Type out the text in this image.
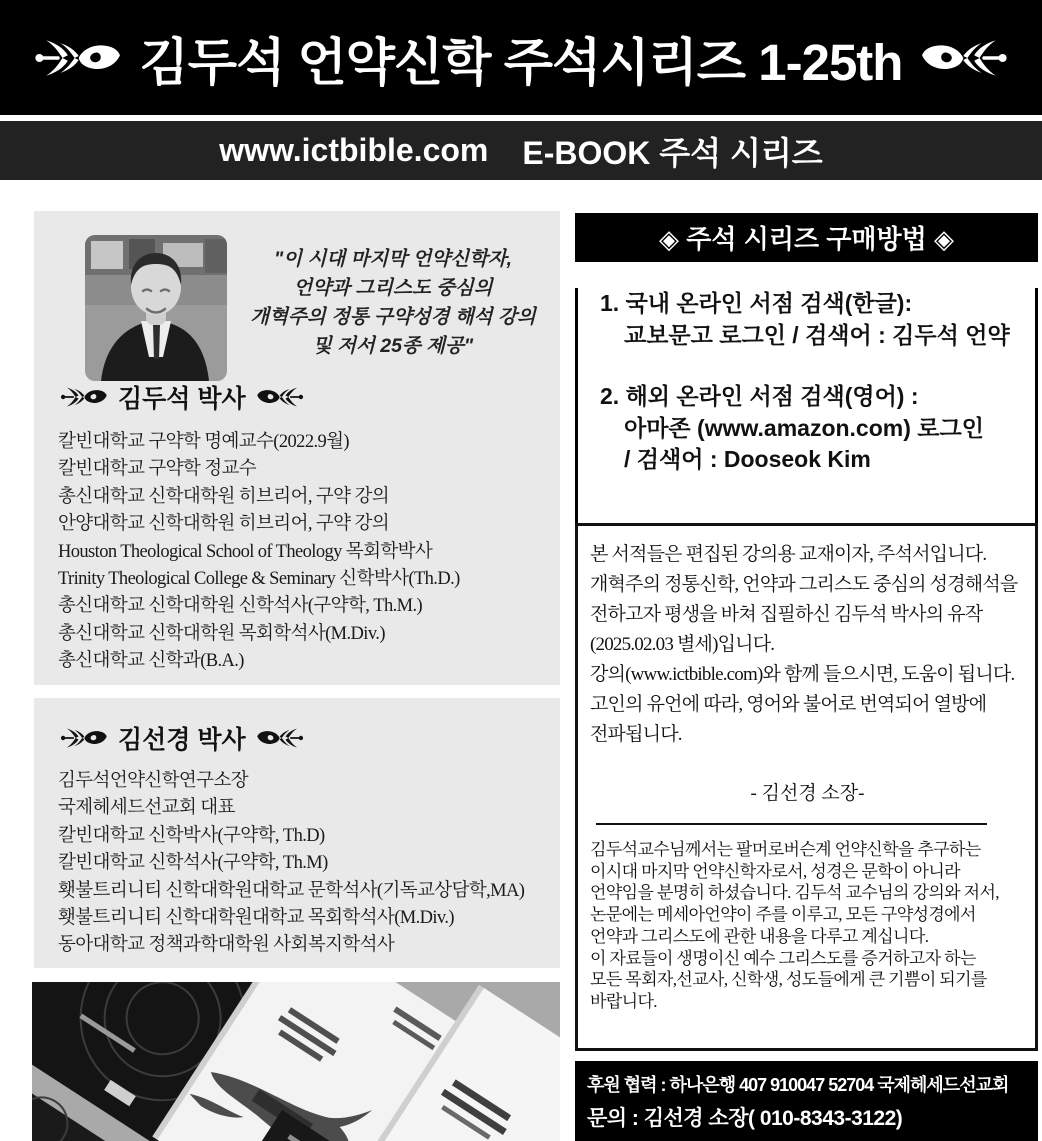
김두석 언약신학 주석시리즈 1-25th
www.ictbible.com E-BOOK 주석 시리즈
"이 시대 마지막 언약신학자,
언약과 그리스도 중심의
개혁주의 정통 구약성경 해석 강의
및 저서 25종 제공"
김두석 박사
칼빈대학교 구약학 명예교수(2022.9월)
칼빈대학교 구약학 정교수
총신대학교 신학대학원 히브리어, 구약 강의
안양대학교 신학대학원 히브리어, 구약 강의
Houston Theological School of Theology 목회학박사
Trinity Theological College & Seminary 신학박사(Th.D.)
총신대학교 신학대학원 신학석사(구약학, Th.M.)
총신대학교 신학대학원 목회학석사(M.Div.)
총신대학교 신학과(B.A.)
김선경 박사
김두석언약신학연구소장
국제헤세드선교회 대표
칼빈대학교 신학박사(구약학, Th.D)
칼빈대학교 신학석사(구약학, Th.M)
횃불트리니티 신학대학원대학교 문학석사(기독교상담학,MA)
횃불트리니티 신학대학원대학교 목회학석사(M.Div.)
동아대학교 정책과학대학원 사회복지학석사
◈ 주석 시리즈 구매방법 ◈
1. 국내 온라인 서점 검색(한글):
교보문고 로그인 / 검색어 : 김두석 언약
2. 해외 온라인 서점 검색(영어) :
아마존 (www.amazon.com) 로그인
/ 검색어 : Dooseok Kim
본 서적들은 편집된 강의용 교재이자, 주석서입니다.
개혁주의 정통신학, 언약과 그리스도 중심의 성경해석을
전하고자 평생을 바쳐 집필하신 김두석 박사의 유작
(2025.02.03 별세)입니다.
강의(www.ictbible.com)와 함께 들으시면, 도움이 됩니다.
고인의 유언에 따라, 영어와 불어로 번역되어 열방에
전파됩니다.
- 김선경 소장-
김두석교수님께서는 팔머로버슨계 언약신학을 추구하는
이시대 마지막 언약신학자로서, 성경은 문학이 아니라
언약임을 분명히 하셨습니다. 김두석 교수님의 강의와 저서,
논문에는 메세아언약이 주를 이루고, 모든 구약성경에서
언약과 그리스도에 관한 내용을 다루고 계십니다.
이 자료들이 생명이신 예수 그리스도를 증거하고자 하는
모든 목회자,선교사, 신학생, 성도들에게 큰 기쁨이 되기를
바랍니다.
후원 협력 : 하나은행 407 910047 52704 국제헤세드선교회
문의 : 김선경 소장( 010-8343-3122)
